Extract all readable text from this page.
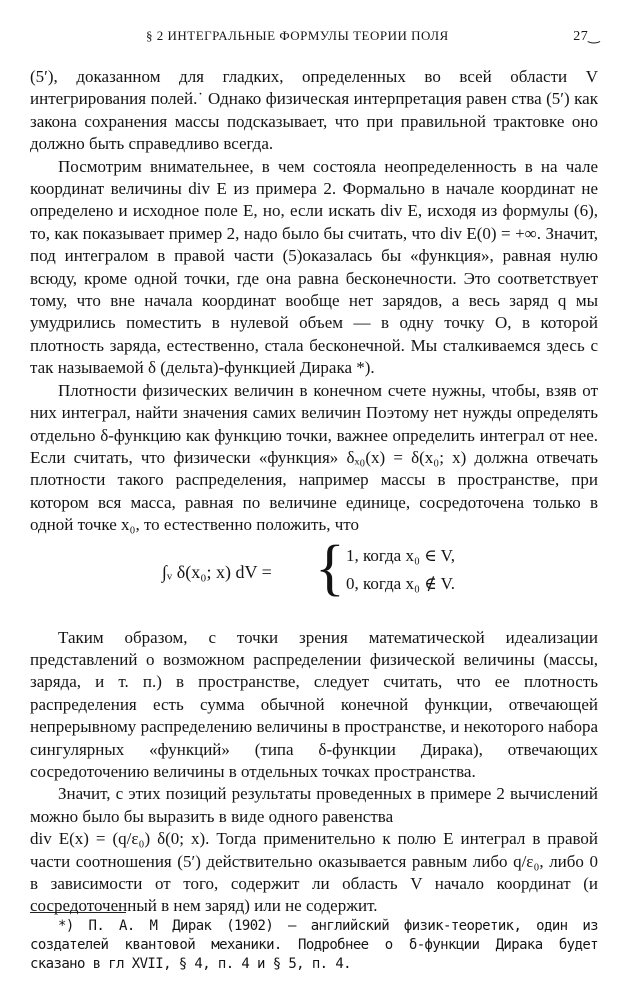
§ 2 ИНТЕГРАЛЬНЫЕ ФОРМУЛЫ ТЕОРИИ ПОЛЯ	27‿

(5′), доказанном для гладких, определенных во всей области V интегрирования полей.˙ Однако физическая интерпретация равен ства (5′) как закона сохранения массы подсказывает, что при правильной трактовке оно должно быть справедливо всегда.

Посмотрим внимательнее, в чем состояла неопределенность в на чале координат величины div E из примера 2. Формально в начале координат не определено и исходное поле E, но, если искать div E, исходя из формулы (6), то, как показывает пример 2, надо было бы считать, что div E(0) = +∞. Значит, под интегралом в правой части (5)оказалась бы «функция», равная нулю всюду, кроме одной точки, где она равна бесконечности. Это соответствует тому, что вне начала координат вообще нет зарядов, а весь заряд q мы умудрились поместить в нулевой объем — в одну точку O, в которой плотность заряда, естественно, стала бесконечной. Мы сталкиваемся здесь с так называемой δ (дельта)-функцией Дирака *).

Плотности физических величин в конечном счете нужны, чтобы, взяв от них интеграл, найти значения самих величин Поэтому нет нужды определять отдельно δ-функцию как функцию точки, важнее определить интеграл от нее. Если считать, что физически «функция» δₓ₀(x) = δ(x₀; x) должна отвечать плотности такого распределения, например массы в пространстве, при котором вся масса, равная по величине единице, сосредоточена только в одной точке x₀, то естественно положить, что

∫ᵥ δ(x₀; x) dV = { 1, когда x₀ ∈ V,
0, когда x₀ ∉ V.

Таким образом, с точки зрения математической идеализации представлений о возможном распределении физической величины (массы, заряда, и т. п.) в пространстве, следует считать, что ее плотность распределения есть сумма обычной конечной функции, отвечающей непрерывному распределению величины в пространстве, и некоторого набора сингулярных «функций» (типа δ-функции Дирака), отвечающих сосредоточению величины в отдельных точках пространства.

Значит, с этих позиций результаты проведенных в примере 2 вычислений можно было бы выразить в виде одного равенства

div E(x) = (q/ε₀) δ(0; x). Тогда применительно к полю E интеграл в правой части соотношения (5′) действительно оказывается равным либо q/ε₀, либо 0 в зависимости от того, содержит ли область V начало координат (и сосредоточенный в нем заряд) или не содержит.

*) П. А. М Дирак (1902) — английский физик-теоретик, один из создателей квантовой механики. Подробнее о δ-функции Дирака будет сказано в гл XVII, § 4, п. 4 и § 5, п. 4.
